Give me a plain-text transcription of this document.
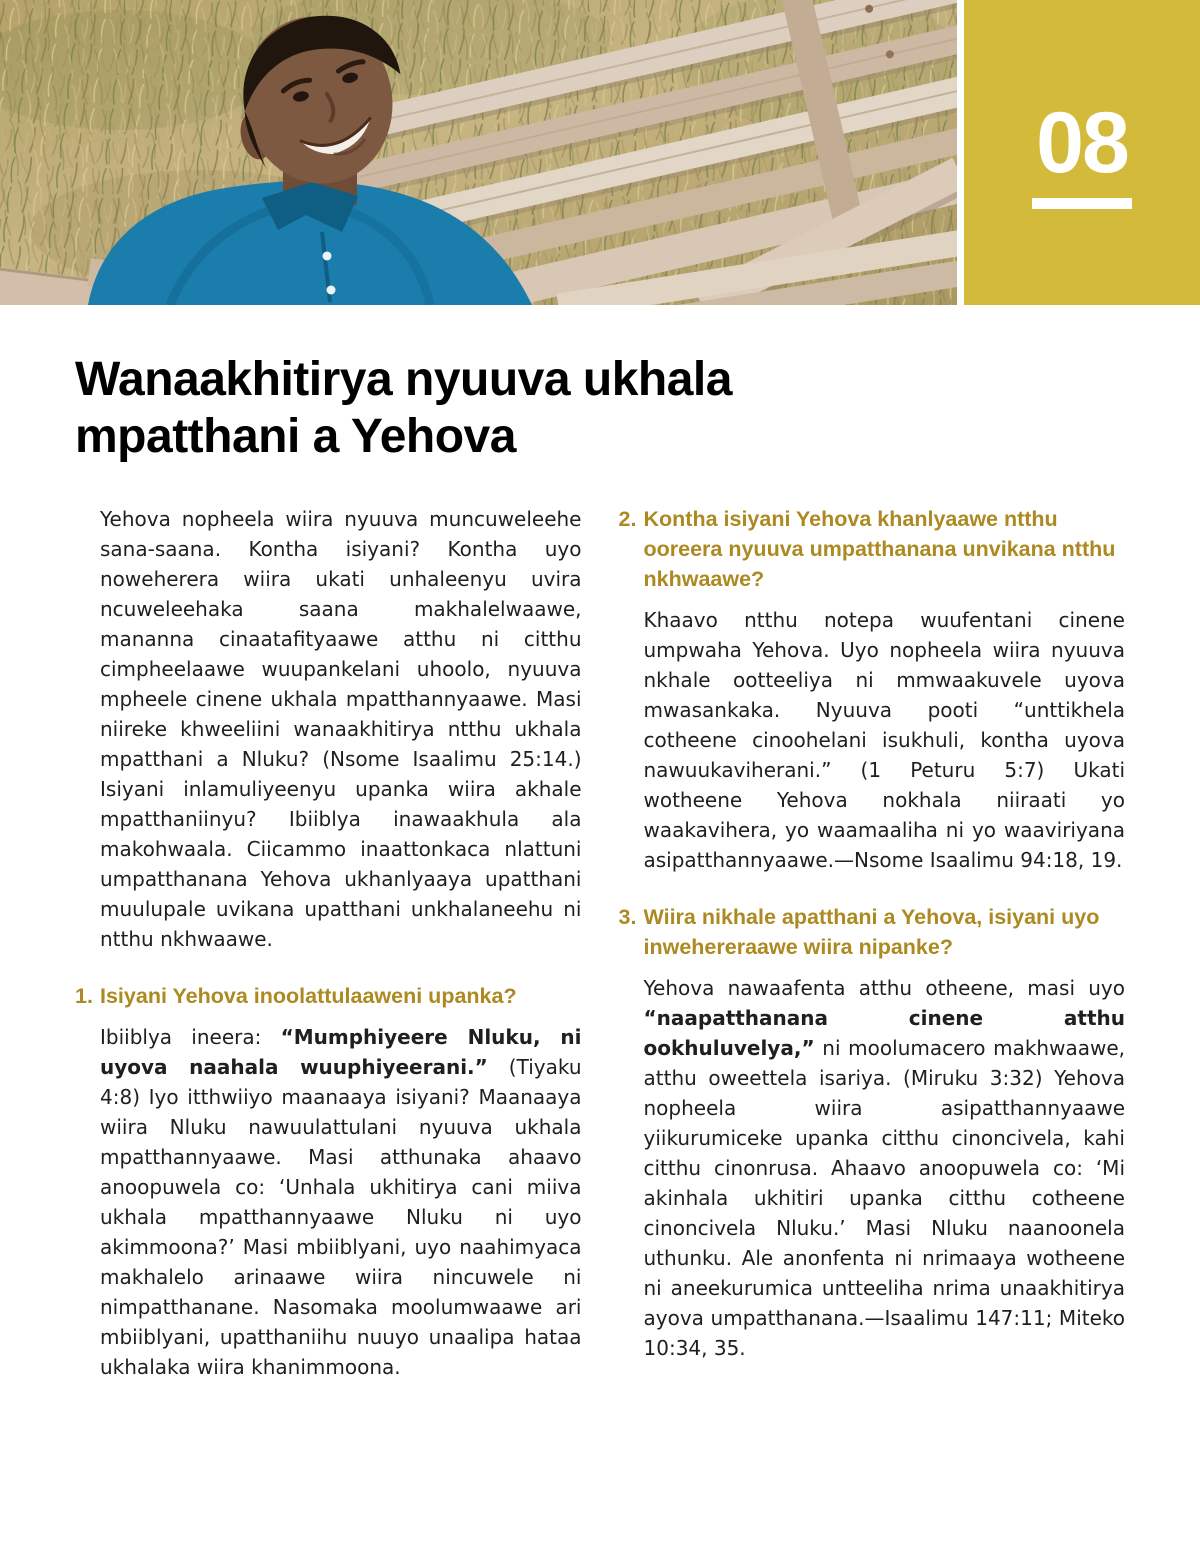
08
Wanaakhitirya nyuuva ukhala mpatthani a Yehova

Yehova nopheela wiira nyuuva muncuweleehe sana-saana. Kontha isiyani? Kontha uyo noweherera wiira ukati unhaleenyu uvira ncuweleehaka saana makhalelwaawe, mananna cinaatafityaawe atthu ni citthu cimpheelaawe wuupankelani uhoolo, nyuuva mpheele cinene ukhala mpatthannyaawe. Masi niireke khweeliini wanaakhitirya ntthu ukhala mpatthani a Nluku? (Nsome Isaalimu 25:14.) Isiyani inlamuliyeenyu upanka wiira akhale mpatthaniinyu? Ibiiblya inawaakhula ala makohwaala. Ciicammo inaattonkaca nlattuni umpatthanana Yehova ukhanlyaaya upatthani muulupale uvikana upatthani unkhalaneehu ni ntthu nkhwaawe.

1. Isiyani Yehova inoolattulaaweni upanka?

Ibiiblya ineera: “Mumphiyeere Nluku, ni uyova naahala wuuphiyeerani.” (Tiyaku 4:8) Iyo itthwiiyo maanaaya isiyani? Maanaaya wiira Nluku nawuulattulani nyuuva ukhala mpatthannyaawe. Masi atthunaka ahaavo anoopuwela co: ‘Unhala ukhitirya cani miiva ukhala mpatthannyaawe Nluku ni uyo akimmoona?’ Masi mbiiblyani, uyo naahimyaca makhalelo arinaawe wiira nincuwele ni nimpatthanane. Nasomaka moolumwaawe ari mbiiblyani, upatthaniihu nuuyo unaalipa hataa ukhalaka wiira khanimmoona.

2. Kontha isiyani Yehova khanlyaawe ntthu ooreera nyuuva umpatthanana unvikana ntthu nkhwaawe?

Khaavo ntthu notepa wuufentani cinene umpwaha Yehova. Uyo nopheela wiira nyuuva nkhale ootteeliya ni mmwaakuvele uyova mwasankaka. Nyuuva pooti “unttikhela cotheene cinoohelani isukhuli, kontha uyova nawuukaviherani.” (1 Peturu 5:7) Ukati wotheene Yehova nokhala niiraati yo waakavihera, yo waamaaliha ni yo waaviriyana asipatthannyaawe.—Nsome Isaalimu 94:18, 19.

3. Wiira nikhale apatthani a Yehova, isiyani uyo inwehereraawe wiira nipanke?

Yehova nawaafenta atthu otheene, masi uyo “naapatthanana cinene atthu ookhuluvelya,” ni moolumacero makhwaawe, atthu oweettela isariya. (Miruku 3:32) Yehova nopheela wiira asipatthannyaawe yiikurumiceke upanka citthu cinoncivela, kahi citthu cinonrusa. Ahaavo anoopuwela co: ‘Mi akinhala ukhitiri upanka citthu cotheene cinoncivela Nluku.’ Masi Nluku naanoonela uthunku. Ale anonfenta ni nrimaaya wotheene ni aneekurumica untteeliha nrima unaakhitirya ayova umpatthanana.—Isaalimu 147:11; Miteko 10:34, 35.
